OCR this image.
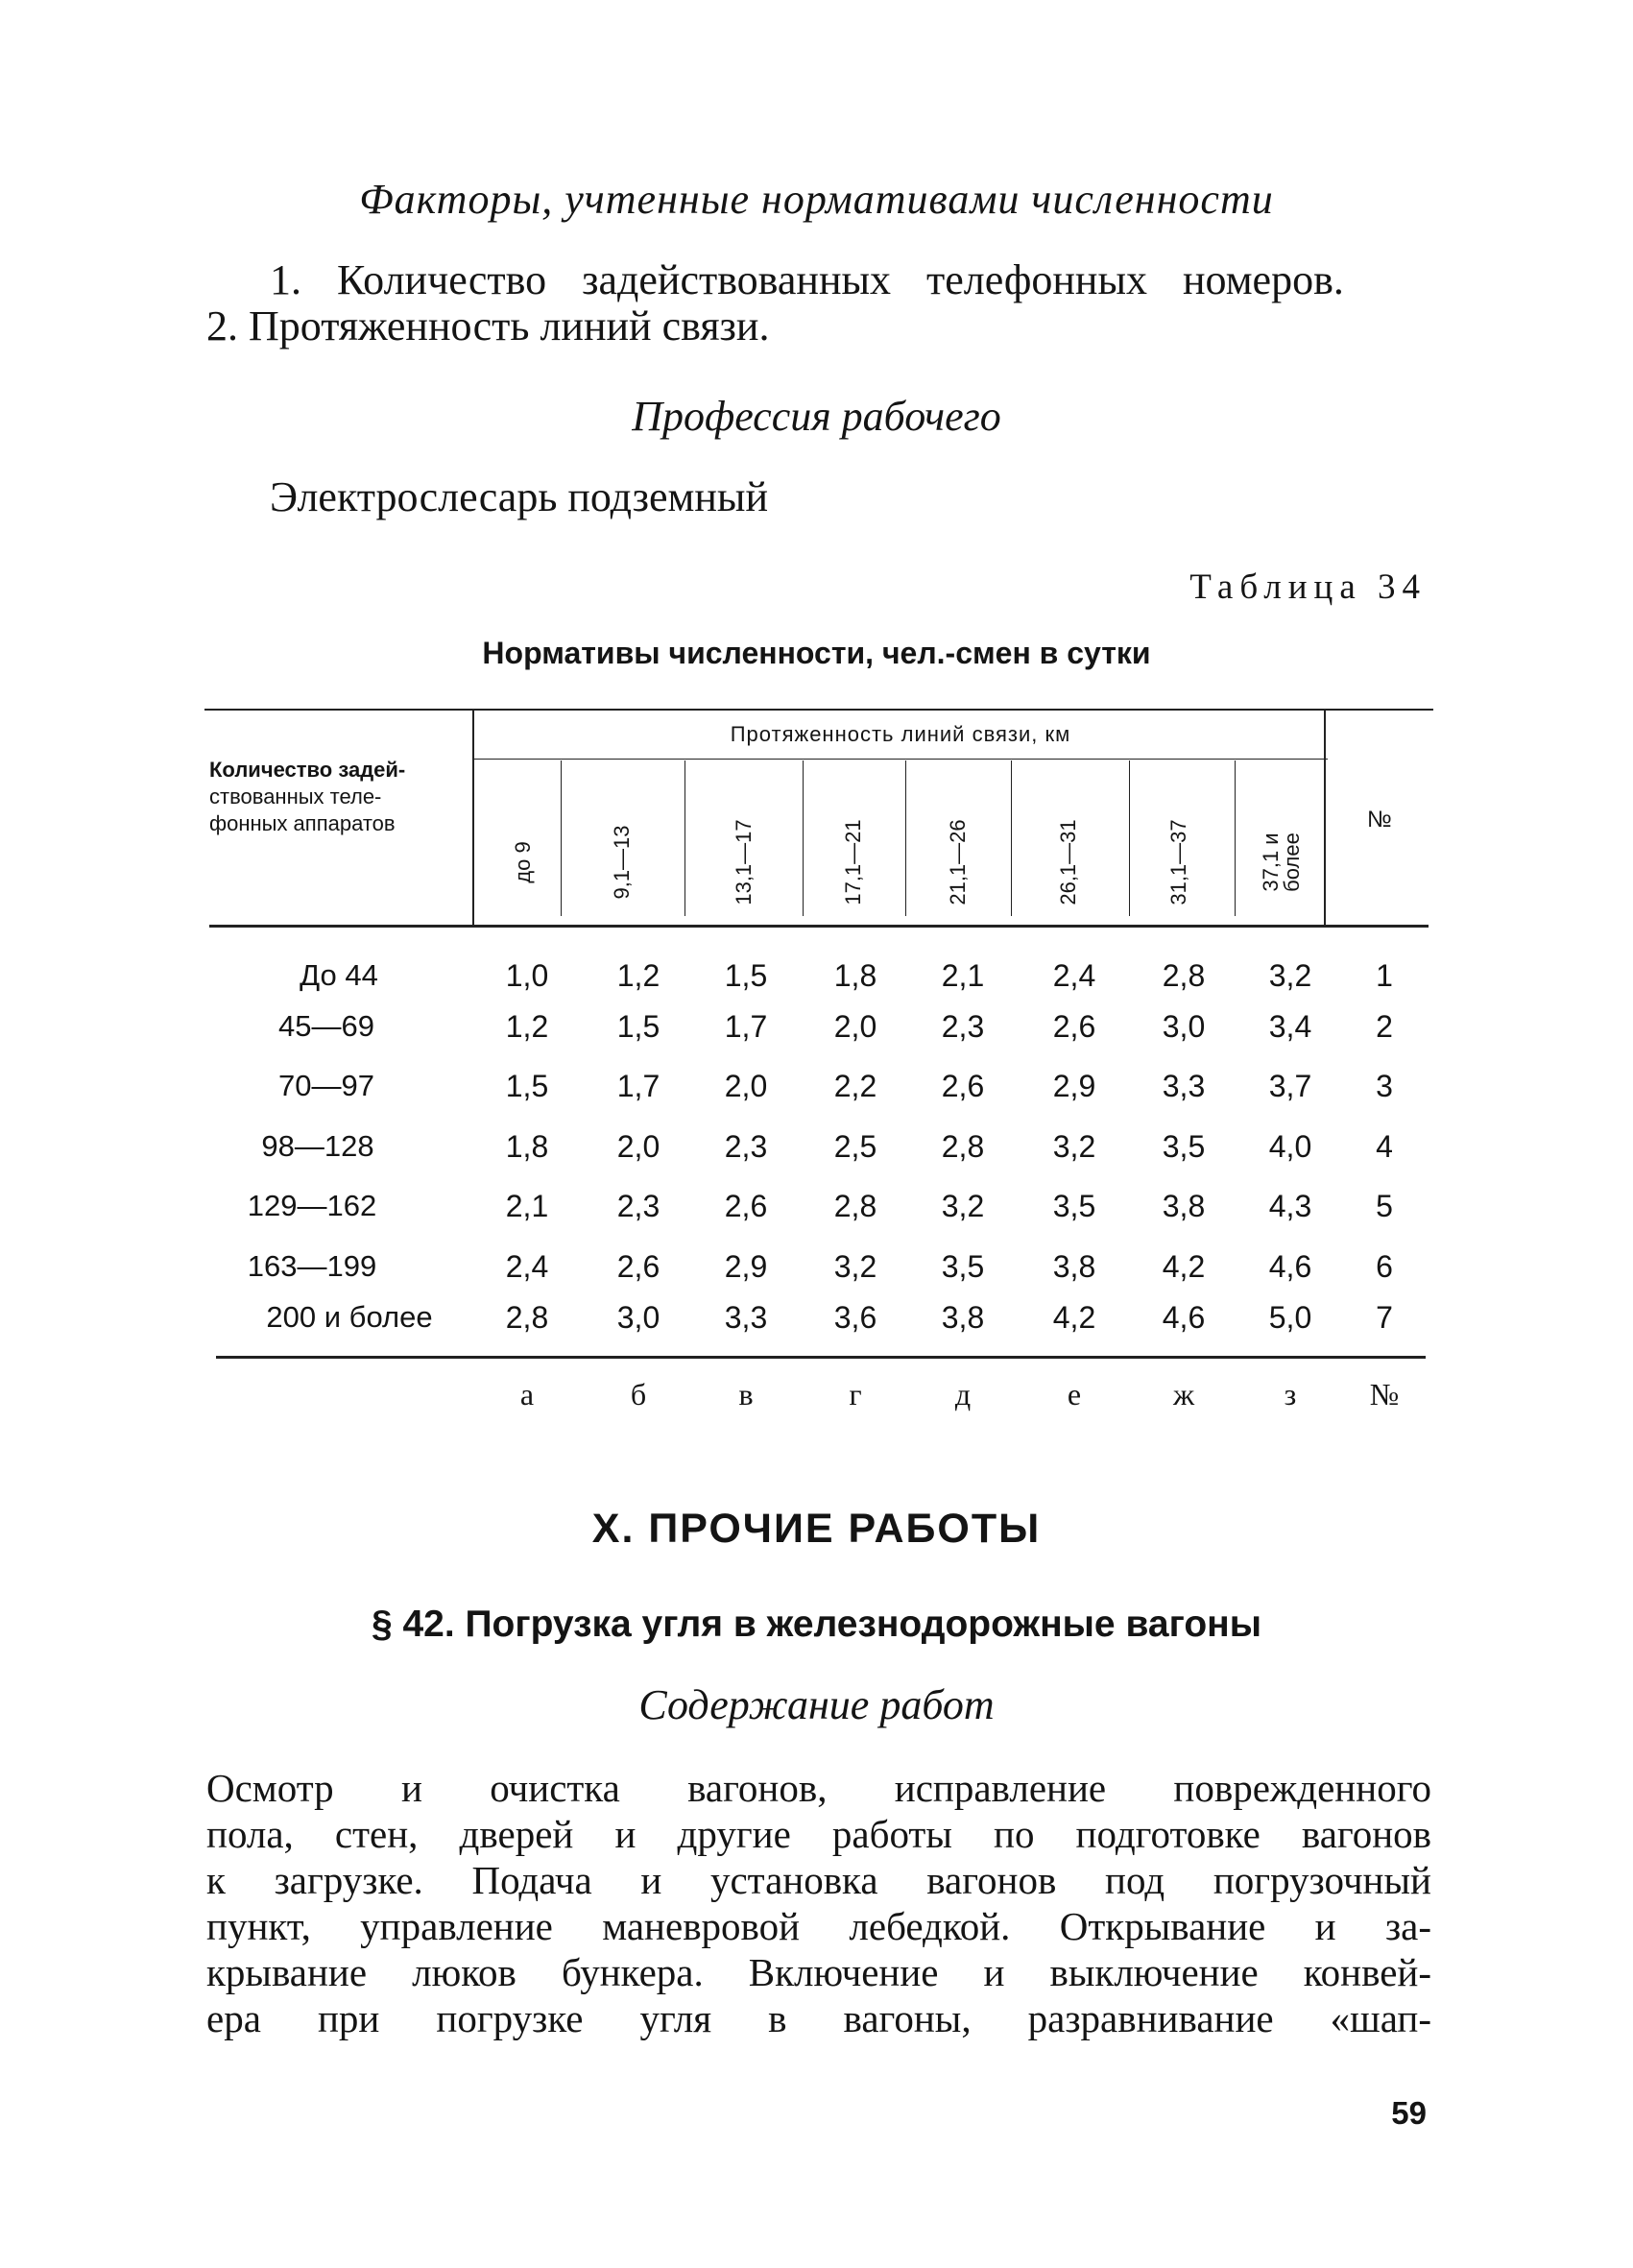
Факторы, учтенные нормативами численности
1. Количество задействованных телефонных номеров.
2. Протяженность линий связи.
Профессия рабочего
Электрослесарь подземный
Таблица 34
Нормативы численности, чел.-смен в сутки
Количество задей-
ствованных теле-
фонных аппаратов
Протяженность линий связи, км
до 9	9,1—13	13,1—17	17,1—21	21,1—26	26,1—31	31,1—37	37,1 и более
№
До 44	1,0 1,2 1,5 1,8 2,1 2,4 2,8 3,2 1
45—69	1,2 1,5 1,7 2,0 2,3 2,6 3,0 3,4 2
70—97	1,5 1,7 2,0 2,2 2,6 2,9 3,3 3,7 3
98—128	1,8 2,0 2,3 2,5 2,8 3,2 3,5 4,0 4
129—162	2,1 2,3 2,6 2,8 3,2 3,5 3,8 4,3 5
163—199	2,4 2,6 2,9 3,2 3,5 3,8 4,2 4,6 6
200 и более 2,8 3,0 3,3 3,6 3,8 4,2 4,6 5,0 7
а	б	в	г	д	е	ж	з №
X. ПРОЧИЕ РАБОТЫ
§ 42. Погрузка угля в железнодорожные вагоны
Содержание работ
Осмотр и очистка вагонов, исправление поврежденного
пола, стен, дверей и другие работы по подготовке вагонов
к загрузке. Подача и установка вагонов под погрузочный
пункт, управление маневровой лебедкой. Открывание и за-
крывание люков бункера. Включение и выключение конвей-
ера при погрузке угля в вагоны, разравнивание «шап-
59
